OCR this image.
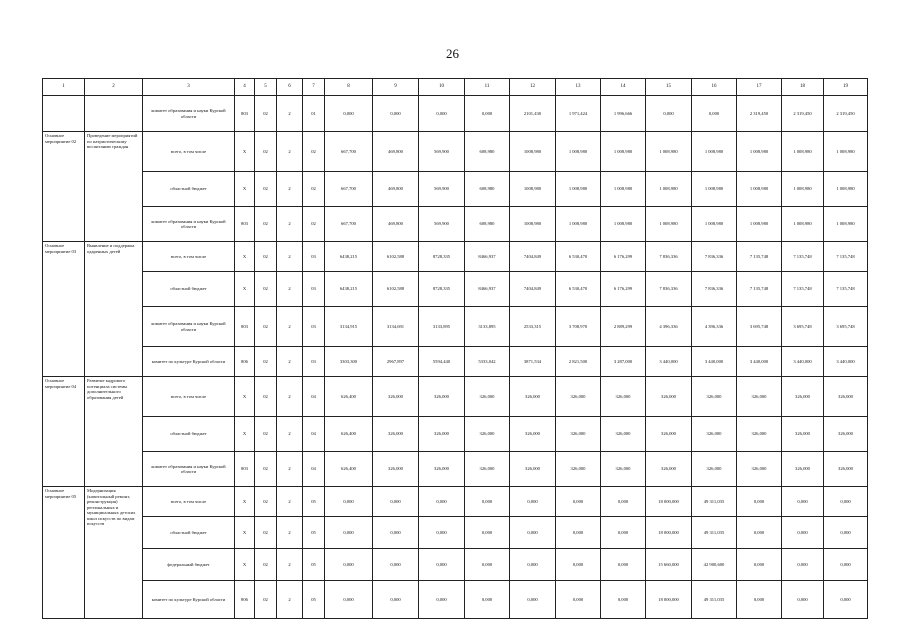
26
1	2	3	4	5	6	7	8	9	10	11	12	13	14	15	16	17	18	19
		комитет образования и науки Курской области	803	02	2	01	0,000	0,000	0,000	0,000	2101,430	1 971,424	1 996,666	0,000	0,000	2 319,450	2 319,450	2 319,450
Основное мероприятие 02	Проведение мероприятий по патриотическому воспитанию граждан	всего, в том числе	Х	02	2	02	667,700	469,800	569,900	608,980	1008,980	1 008,980	1 008,980	1 008,980	1 008,980	1 008,980	1 008,980	1 008,980
		областной бюджет	Х	02	2	02	667,700	469,800	569,900	608,980	1008,980	1 008,980	1 008,980	1 008,980	1 008,980	1 008,980	1 008,980	1 008,980
		комитет образования и науки Курской области	803	02	2	02	667,700	469,800	569,900	608,980	1008,980	1 008,980	1 008,980	1 008,980	1 008,980	1 008,980	1 008,980	1 008,980
Основное мероприятие 03	Выявление и поддержка одаренных детей	всего, в том числе	Х	02	2	03	6438,215	6102,588	8728,335	8466,937	7404,849	6 530,470	6 176,299	7 836,336	7 836,336	7 135,748	7 135,748	7 135,748
		областной бюджет	Х	02	2	03	6438,215	6102,588	8728,335	8466,937	7404,849	6 530,470	6 176,299	7 836,336	7 836,336	7 135,748	7 135,748	7 135,748
		комитет образования и науки Курской области	803	02	2	03	3134,915	3134,691	3133,895	3133,895	2533,315	3 708,970	2 889,299	4 396,336	4 396,336	3 695,748	3 695,748	3 695,748
		комитет по культуре Курской области	806	02	2	03	3303,300	2967,897	5594,440	5333,042	3871,534	2 821,500	3 287,000	3 440,000	3 440,000	3 440,000	3 440,000	3 440,000
Основное мероприятие 04	Развитие кадрового потенциала системы дополнительного образования детей	всего, в том числе	Х	02	2	04	626,400	326,000	326,000	326,000	326,000	326,000	326,000	326,000	326,000	326,000	326,000	326,000
		областной бюджет	Х	02	2	04	626,400	326,000	326,000	326,000	326,000	326,000	326,000	326,000	326,000	326,000	326,000	326,000
		комитет образования и науки Курской области	803	02	2	04	626,400	326,000	326,000	326,000	326,000	326,000	326,000	326,000	326,000	326,000	326,000	326,000
Основное мероприятие 05	Модернизация (капитальный ремонт, реконструкция) региональных и муниципальных детских школ искусств по видам искусств	всего, в том числе	Х	02	2	05	0,000	0,000	0,000	0,000	0,000	0,000	0,000	18 000,000	49 311,035	0,000	0,000	0,000
		областной бюджет	Х	02	2	05	0,000	0,000	0,000	0,000	0,000	0,000	0,000	18 000,000	49 311,035	0,000	0,000	0,000
		федеральный бюджет	Х	02	2	05	0,000	0,000	0,000	0,000	0,000	0,000	0,000	15 660,000	42 900,600	0,000	0,000	0,000
		комитет по культуре Курской области	806	02	2	05	0,000	0,000	0,000	0,000	0,000	0,000	0,000	18 000,000	49 311,035	0,000	0,000	0,000
